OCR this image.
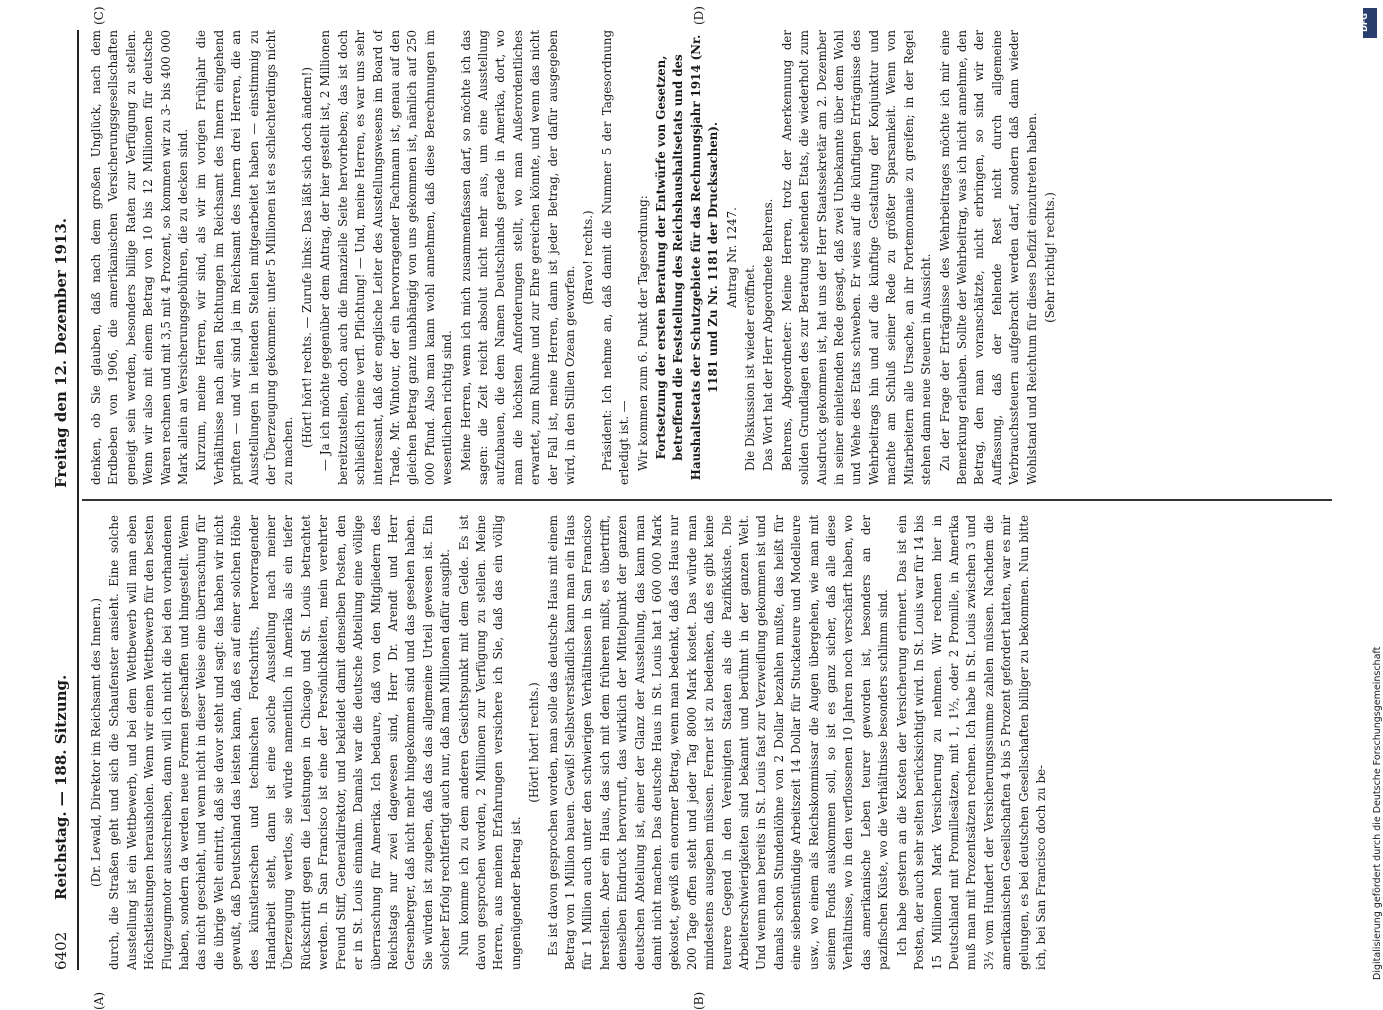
6402
Reichstag. — 188. Sitzung.
Freitag den 12. Dezember 1913.

(Dr. Lewald, Direktor im Reichsamt des Innern.) durch, die Straßen geht und sich die Schaufenster ansieht. Eine solche Ausstellung ist ein Wettbewerb, und bei dem Wettbewerb will man eben Höchstleistungen herausholen. Wenn wir einen Wettbewerb für den besten Flugzeugmotor ausschreiben, dann will ich nicht die bei den vorhandenen haben, sondern da werden neue Formen geschaffen und hingestellt. Wenn das nicht geschieht, und wenn nicht in dieser Weise eine überraschung für die übrige Welt eintritt, daß sie davor steht und sagt: das haben wir nicht gewußt, daß Deutschland das leisten kann, daß es auf einer solchen Höhe des künstlerischen und technischen Fortschritts, hervorragender Handarbeit steht, dann ist eine solche Ausstellung nach meiner Überzeugung wertlos, sie würde namentlich in Amerika als ein tiefer Rückschritt gegen die Leistungen in Chicago und St. Louis betrachtet werden. In San Francisco ist eine der Persönlichkeiten, mein verehrter Freund Stiff, Generaldirektor, und bekleidet damit denselben Posten, den er in St. Louis einnahm. Damals war die deutsche Abteilung eine völlige überraschung für Amerika. Ich bedaure, daß von den Mitgliedern des Reichstags nur zwei dagewesen sind, Herr Dr. Arendt und Herr Gersenberger, daß nicht mehr hingekommen sind und das gesehen haben. Sie würden ist zugeben, daß das das allgemeine Urteil gewesen ist. Ein solcher Erfolg rechtfertigt auch nur, daß man Millionen dafür ausgibt. Nun komme ich zu dem anderen Gesichtspunkt mit dem Gelde. Es ist davon gesprochen worden, 2 Millionen zur Verfügung zu stellen. Meine Herren, aus meinen Erfahrungen versichere ich Sie, daß das ein völlig ungenügender Betrag ist.

(Hört! hört! rechts.) Es ist davon gesprochen worden, man solle das deutsche Haus mit einem Betrag von 1 Million bauen. Gewiß! Selbstverständlich kann man ein Haus für 1 Million auch unter den schwierigen Verhältnissen in San Francisco herstellen. Aber ein Haus, das sich mit dem früheren mißt, es übertrifft, denselben Eindruck hervorruft, das wirklich der Mittelpunkt der ganzen deutschen Abteilung ist, einer der Glanz der Ausstellung, das kann man damit nicht machen. Das deutsche Haus in St. Louis hat 1 600 000 Mark gekostet, gewiß ein enormer Betrag, wenn man bedenkt, daß das Haus nur 200 Tage offen steht und jeder Tag 8000 Mark kostet. Das würde man mindestens ausgeben müssen. Ferner ist zu bedenken, daß es gibt keine teurere Gegend in den Vereinigten Staaten als die Pazifikküste. Die Arbeiterschwierigkeiten sind bekannt und berühmt in der ganzen Welt. Und wenn man bereits in St. Louis fast zur Verzweiflung gekommen ist und damals schon Stundenlöhne von 2 Dollar bezahlen mußte, das heißt für eine siebenstündige Arbeitszeit 14 Dollar für Stuckateure und Modelleure usw., wo einem als Reichskommissar die Augen übergehen, wie man mit seinem Fonds auskommen soll, so ist es ganz sicher, daß alle diese Verhältnisse, wo in den verflossenen 10 Jahren noch verschärft haben, wo das amerikanische Leben teurer geworden ist, besonders an der pazifischen Küste, wo die Verhältnisse besonders schlimm sind. Ich habe gestern an die Kosten der Versicherung erinnert. Das ist ein Posten, der auch sehr selten berücksichtigt wird. In St. Louis war für 14 bis 15 Millionen Mark Versicherung zu nehmen. Wir rechnen hier in Deutschland mit Promillesätzen, mit 1, 1½, oder 2 Promille, in Amerika muß man mit Prozentsätzen rechnen. Ich habe in St. Louis zwischen 3 und 3½ vom Hundert der Versicherungssumme zahlen müssen. Nachdem die amerikanischen Gesellschaften 4 bis 5 Prozent gefordert hatten, war es mir gelungen, es bei deutschen Gesellschaften billiger zu bekommen. Nun bitte ich, bei San Francisco doch zu be-

denken, ob Sie glauben, daß nach dem großen Unglück, nach dem Erdbeben von 1906, die amerikanischen Versicherungsgesellschaften geneigt sein werden, besonders billige Raten zur Verfügung zu stellen. Wenn wir also mit einem Betrag von 10 bis 12 Millionen für deutsche Waren rechnen und mit 3,5 mit 4 Prozent, so kommen wir zu 3- bis 400 000 Mark allein an Versicherungsgebühren, die zu decken sind. Kurzum, meine Herren, wir sind, als wir im vorigen Frühjahr die Verhältnisse nach allen Richtungen im Reichsamt des Innern eingehend prüften — und wir sind ja im Reichsamt des Innern drei Herren, die an Ausstellungen in leitenden Stellen mitgearbeitet haben — einstimmig zu der Überzeugung gekommen: unter 5 Millionen ist es schlechterdings nicht zu machen.

(Hört! hört! rechts. — Zurufe links: Das läßt sich doch ändern!) — Ja ich möchte gegenüber dem Antrag, der hier gestellt ist, 2 Millionen bereitzustellen, doch auch die finanzielle Seite hervorheben; das ist doch schließlich meine verfl. Pflichtung! — Und, meine Herren, es war uns sehr interessant, daß der englische Leiter des Ausstellungswesens im Board of Trade, Mr. Wintour, der ein hervorragender Fachmann ist, genau auf den gleichen Betrag ganz unabhängig von uns gekommen ist, nämlich auf 250 000 Pfund. Also man kann wohl annehmen, daß diese Berechnungen im wesentlichen richtig sind. Meine Herren, wenn ich mich zusammenfassen darf, so möchte ich das sagen: die Zeit reicht absolut nicht mehr aus, um eine Ausstellung aufzubauen, die dem Namen Deutschlands gerade in Amerika, dort, wo man die höchsten Anforderungen stellt, wo man Außerordentliches erwartet, zum Ruhme und zur Ehre gereichen könnte, und wenn das nicht der Fall ist, meine Herren, dann ist jeder Betrag, der dafür ausgegeben wird, in den Stillen Ozean geworfen.

(Bravo! rechts.) Präsident: Ich nehme an, daß damit die Nummer 5 der Tagesordnung erledigt ist. — Wir kommen zum 6. Punkt der Tagesordnung: Fortsetzung der ersten Beratung der Entwürfe von Gesetzen, betreffend die Feststellung des Reichshaushaltsetats und des Haushaltsetats der Schutzgebiete für das Rechnungsjahr 1914 (Nr. 1181 und Zu Nr. 1181 der Drucksachen). Antrag Nr. 1247.

Die Diskussion ist wieder eröffnet. Das Wort hat der Herr Abgeordnete Behrens. Behrens, Abgeordneter: Meine Herren, trotz der Anerkennung der soliden Grundlagen des zur Beratung stehenden Etats, die wiederholt zum Ausdruck gekommen ist, hat uns der Herr Staatssekretär am 2. Dezember in seiner einleitenden Rede gesagt, daß zwei Unbekannte über dem Wohl und Wehe des Etats schweben. Er wies auf die künftigen Erträgnisse des Wehrbeitrags hin und auf die künftige Gestaltung der Konjunktur und machte am Schluß seiner Rede zu größter Sparsamkeit. Wenn von Mitarbeitern alle Ursache, an ihr Portemonnaie zu greifen; in der Regel stehen dann neue Steuern in Aussicht. Zu der Frage der Erträgnisse des Wehrbeitrages möchte ich mir eine Bemerkung erlauben. Sollte der Wehrbeitrag, was ich nicht annehme, den Betrag, den man voranschätzte, nicht erbringen, so sind wir der Auffassung, daß der fehlende Rest nicht durch allgemeine Verbrauchssteuern aufgebracht werden darf, sondern daß dann wieder Wohlstand und Reichtum für dieses Defizit einzutreten haben. (Sehr richtig! rechts.)

(A)	(B)
(C)	(D)	DFG
Digitalisierung gefördert durch die Deutsche Forschungsgemeinschaft
